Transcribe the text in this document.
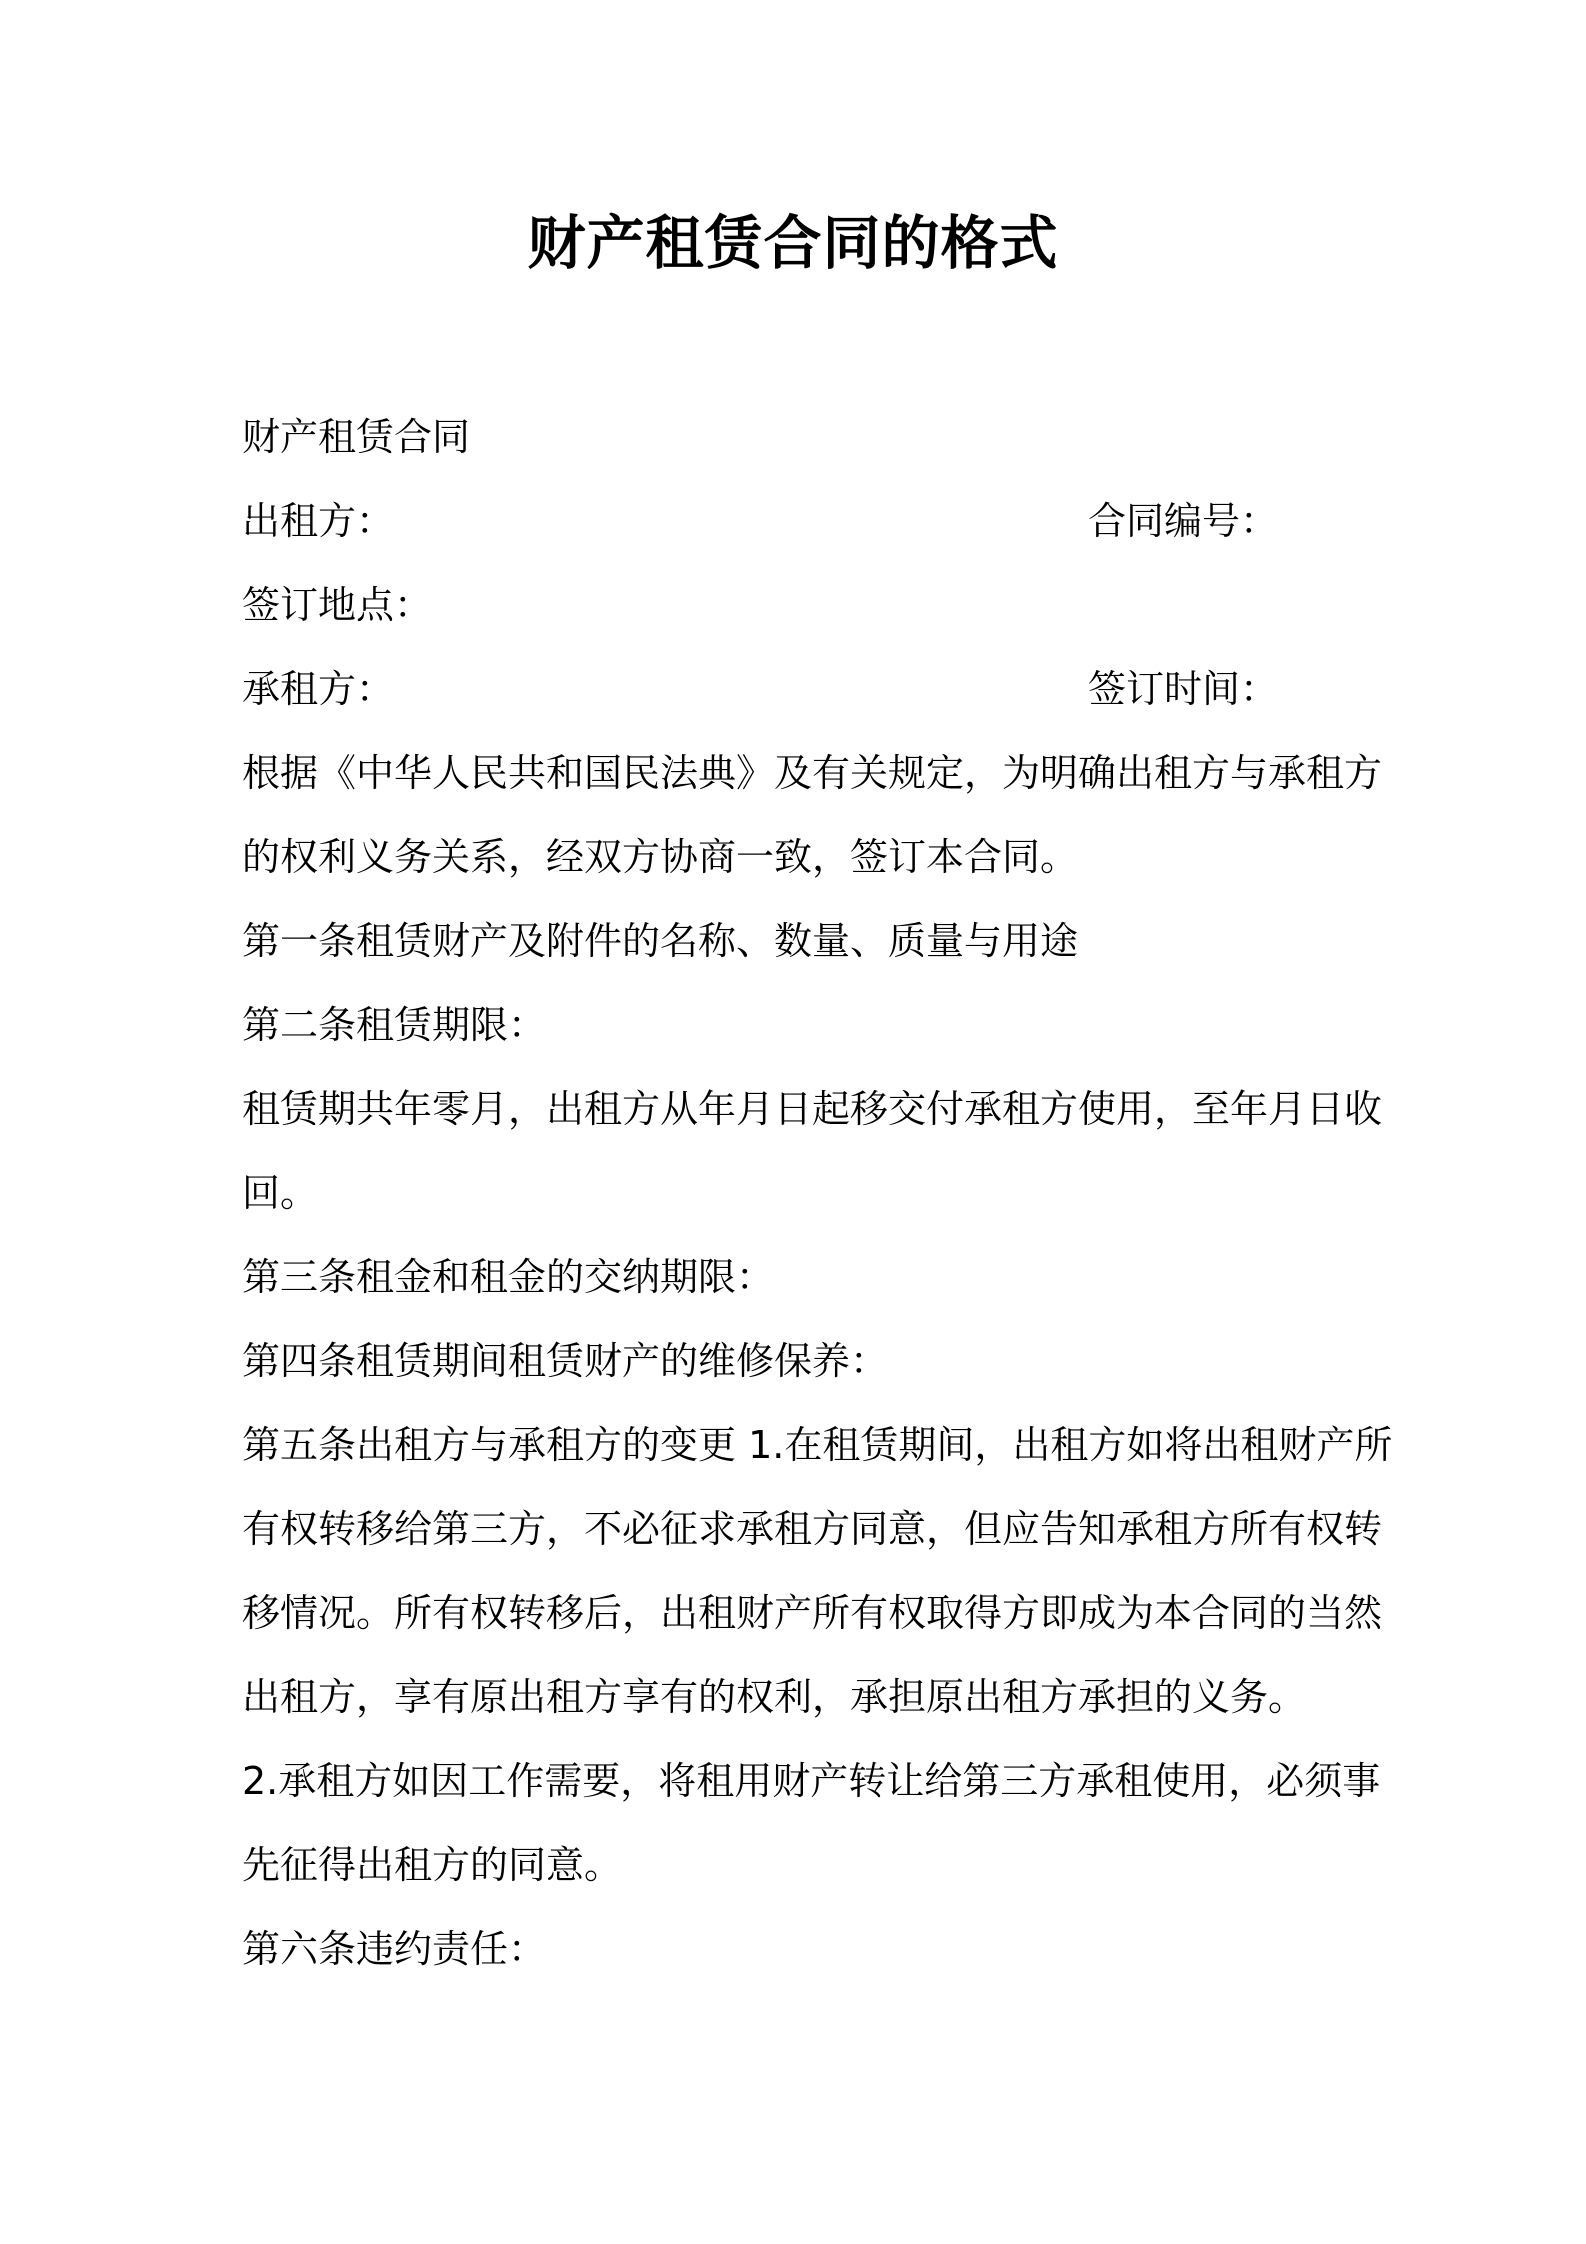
财产租赁合同的格式
财产租赁合同
出租方：	合同编号：
签订地点：
承租方：	签订时间：
根据《中华人民共和国民法典》及有关规定，为明确出租方与承租方
的权利义务关系，经双方协商一致，签订本合同。
第一条租赁财产及附件的名称、数量、质量与用途
第二条租赁期限：
租赁期共年零月，出租方从年月日起移交付承租方使用，至年月日收
回。
第三条租金和租金的交纳期限：
第四条租赁期间租赁财产的维修保养：
第五条出租方与承租方的变更 1.在租赁期间，出租方如将出租财产所
有权转移给第三方，不必征求承租方同意，但应告知承租方所有权转
移情况。所有权转移后，出租财产所有权取得方即成为本合同的当然
出租方，享有原出租方享有的权利，承担原出租方承担的义务。
2.承租方如因工作需要，将租用财产转让给第三方承租使用，必须事
先征得出租方的同意。
第六条违约责任：
